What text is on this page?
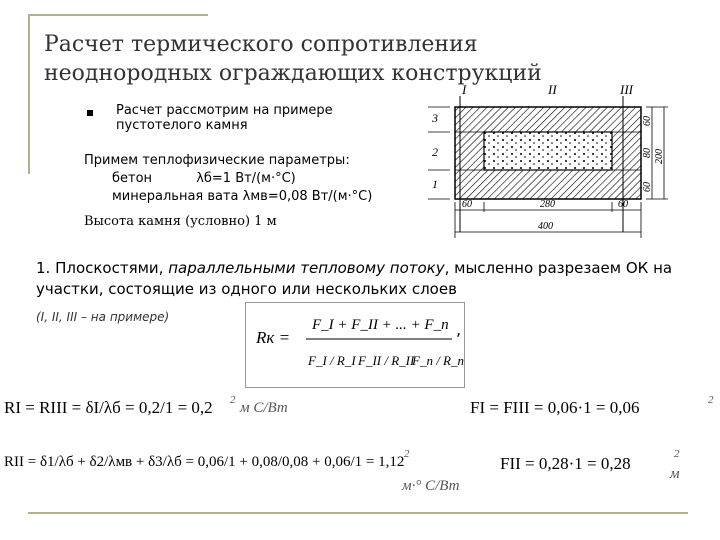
Расчет термического сопротивления неоднородных ограждающих конструкций
Расчет рассмотрим на примере пустотелого камня
Примем теплофизические параметры:
бетон	λб=1 Вт/(м·°С)
минеральная вата λмв=0,08 Вт/(м·°С)
Высота камня (условно) 1 м
I	II	III
3
2
1
60
80
60
200
60	280	60
400
1. Плоскостями, параллельными тепловому потоку, мысленно разрезаем ОК на участки, состоящие из одного или нескольких слоев
(I, II, III – на примере)
Rк =
F_I + F_II + ... + F_n
F_I / R_I F_II / R_II
F_n / R_n
,
RI = RIII = δI/λб = 0,2/1 = 0,2 2 м С/Вт	FI = FIII = 0,06·1 = 0,06	2
RII = δ1/λб + δ2/λмв + δ3/λб = 0,06/1 + 0,08/0,08 + 0,06/1 = 1,12 2
м·° С/Вт
FII = 0,28·1 = 0,28	2
м
